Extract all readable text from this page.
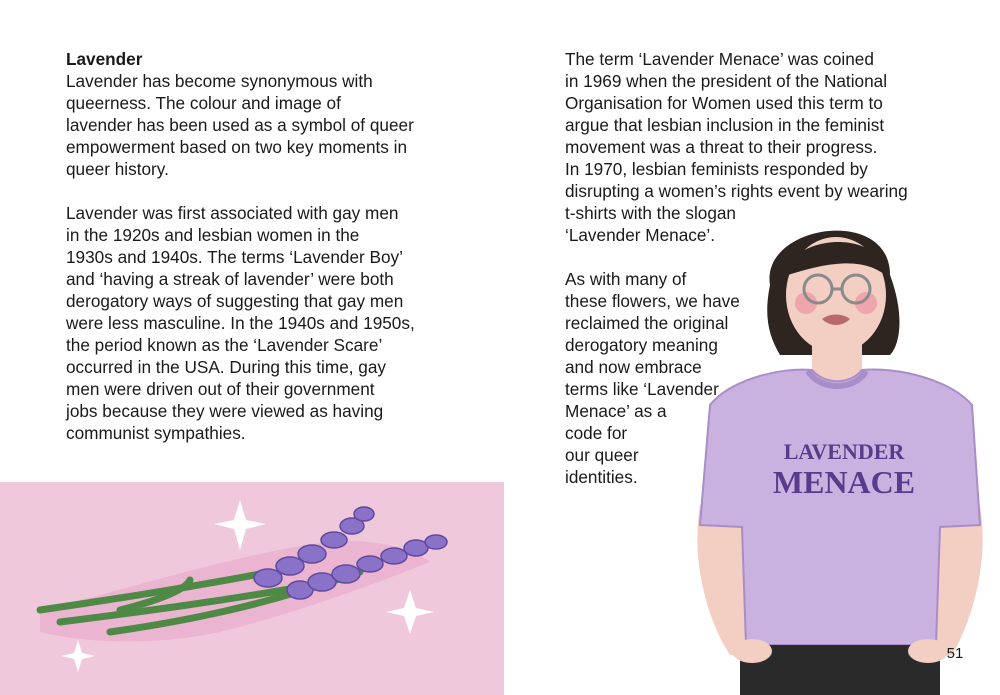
Lavender
Lavender has become synonymous with
queerness. The colour and image of
lavender has been used as a symbol of queer
empowerment based on two key moments in
queer history.
Lavender was first associated with gay men
in the 1920s and lesbian women in the
1930s and 1940s. The terms ‘Lavender Boy’
and ‘having a streak of lavender’ were both
derogatory ways of suggesting that gay men
were less masculine. In the 1940s and 1950s,
the period known as the ‘Lavender Scare’
occurred in the USA. During this time, gay
men were driven out of their government
jobs because they were viewed as having
communist sympathies.
The term ‘Lavender Menace’ was coined
in 1969 when the president of the National
Organisation for Women used this term to
argue that lesbian inclusion in the feminist
movement was a threat to their progress.
In 1970, lesbian feminists responded by
disrupting a women’s rights event by wearing
t-shirts with the slogan
‘Lavender Menace’.
As with many of
these flowers, we have
reclaimed the original
derogatory meaning
and now embrace
terms like ‘Lavender
Menace’ as a
code for
our queer
identities.
LAVENDER
MENACE
51
